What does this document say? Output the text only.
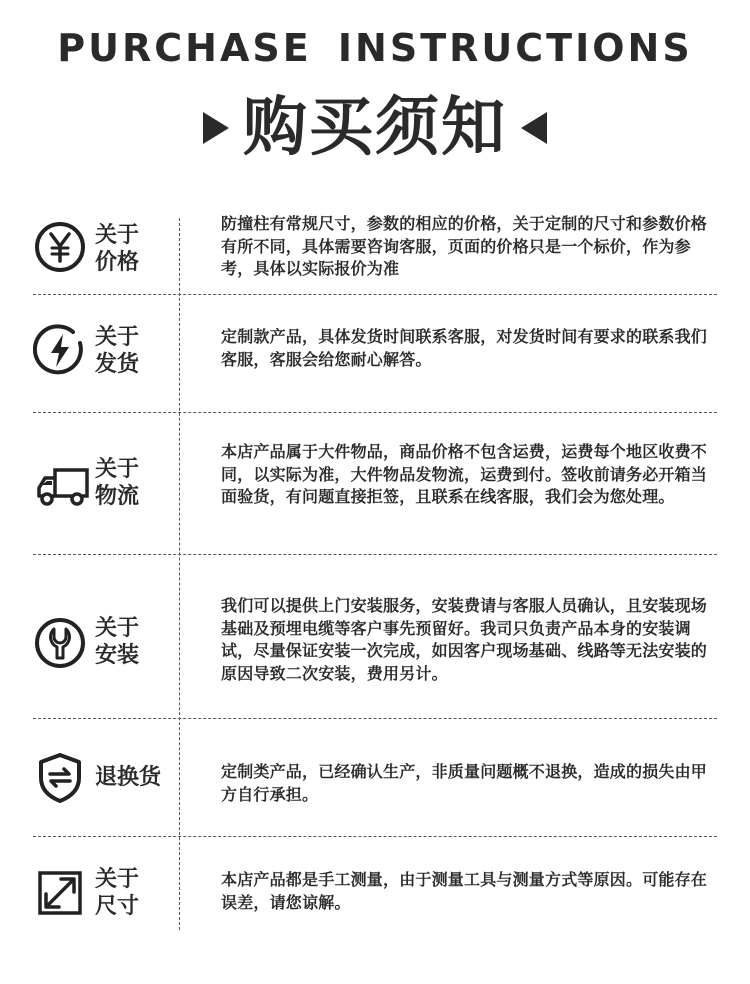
PURCHASE INSTRUCTIONS
购买须知
关于
价格
防撞柱有常规尺寸，参数的相应的价格，关于定制的尺寸和参数价格有所不同，具体需要咨询客服，页面的价格只是一个标价，作为参考，具体以实际报价为准
关于
发货
定制款产品，具体发货时间联系客服，对发货时间有要求的联系我们客服，客服会给您耐心解答。
关于
物流
本店产品属于大件物品，商品价格不包含运费，运费每个地区收费不同，以实际为准，大件物品发物流，运费到付。签收前请务必开箱当面验货，有问题直接拒签，且联系在线客服，我们会为您处理。
关于
安装
我们可以提供上门安装服务，安装费请与客服人员确认，且安装现场基础及预埋电缆等客户事先预留好。我司只负责产品本身的安装调试，尽量保证安装一次完成，如因客户现场基础、线路等无法安装的原因导致二次安装，费用另计。
退换货	定制类产品，已经确认生产，非质量问题概不退换，造成的损失由甲方自行承担。
关于
尺寸
本店产品都是手工测量，由于测量工具与测量方式等原因。可能存在误差，请您谅解。
